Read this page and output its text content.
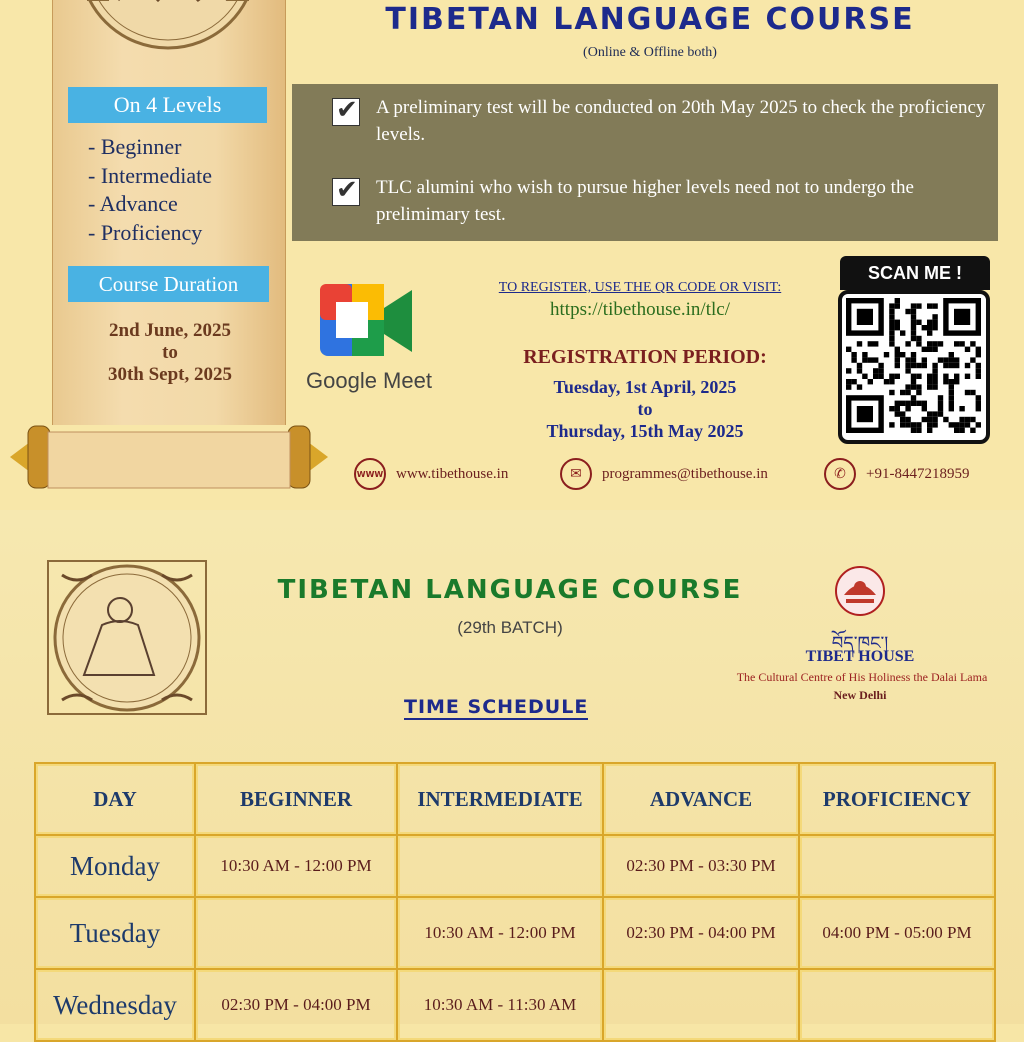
On 4 Levels
- Beginner
- Intermediate
- Advance
- Proficiency
Course Duration
2nd June, 2025
to
30th Sept, 2025
TIBETAN LANGUAGE COURSE
(Online & Offline both)
✔ A preliminary test will be conducted on 20th May 2025 to check the proficiency levels.
✔ TLC alumini who wish to pursue higher levels need not to undergo the prelimimary test.
Google Meet
TO REGISTER, USE THE QR CODE OR VISIT:
https://tibethouse.in/tlc/
REGISTRATION PERIOD:
Tuesday, 1st April, 2025
to
Thursday, 15th May 2025
SCAN ME !
WWW www.tibethouse.in	✉	programmes@tibethouse.in	✆	+91-8447218959
TIBETAN LANGUAGE COURSE
(29th BATCH)
བོད་ཁང་།
TIBET HOUSE
The Cultural Centre of His Holiness the Dalai Lama
New Delhi
TIME SCHEDULE
DAY	BEGINNER	INTERMEDIATE	ADVANCE	PROFICIENCY
Monday	10:30 AM - 12:00 PM		02:30 PM - 03:30 PM	
Tuesday		10:30 AM - 12:00 PM	02:30 PM - 04:00 PM	04:00 PM - 05:00 PM
Wednesday	02:30 PM - 04:00 PM	10:30 AM - 11:30 AM		
